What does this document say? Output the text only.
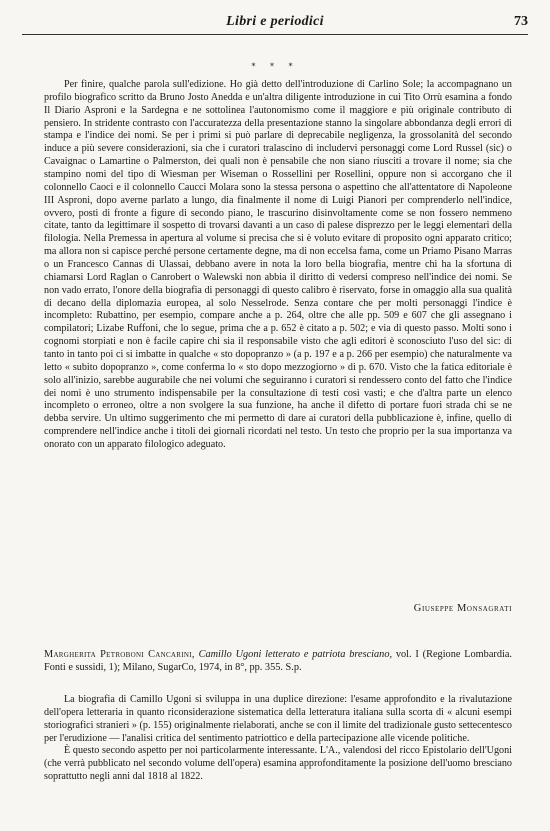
Libri e periodici	73
* * *

Per finire, qualche parola sull'edizione. Ho già detto dell'introduzione di Carlino Sole; la accompagnano un profilo biografico scritto da Bruno Josto Anedda e un'altra diligente introduzione in cui Tito Orrù esamina a fondo Il Diario Asproni e la Sardegna e ne sottolinea l'autonomismo come il maggiore e più originale contributo di pensiero. In stridente contrasto con l'accuratezza della presentazione stanno la singolare abbondanza degli errori di stampa e l'indice dei nomi. Se per i primi si può parlare di deprecabile negligenza, la grossolanità del secondo induce a più severe considerazioni, sia che i curatori tralascino di includervi personaggi come Lord Russel (sic) o Cavaignac o Lamartine o Palmerston, dei quali non è pensabile che non siano riusciti a trovare il nome; sia che stampino nomi del tipo di Wiesman per Wiseman o Rossellini per Rosellini, oppure non si accorgano che il colonnello Caoci e il colonnello Caucci Molara sono la stessa persona o aspettino che all'attentatore di Napoleone III Asproni, dopo averne parlato a lungo, dia finalmente il nome di Luigi Pianori per comprenderlo nell'indice, ovvero, posti di fronte a figure di secondo piano, le trascurino disinvoltamente come se non fossero nemmeno citate, tanto da legittimare il sospetto di trovarsi davanti a un caso di palese disprezzo per le leggi elementari della filologia. Nella Premessa in apertura al volume si precisa che si è voluto evitare di proposito ogni apparato critico; ma allora non si capisce perché persone certamente degne, ma di non eccelsa fama, come un Priamo Pisano Marras o un Francesco Cannas di Ulassai, debbano avere in nota la loro bella biografia, mentre chi ha la sfortuna di chiamarsi Lord Raglan o Canrobert o Walewski non abbia il diritto di vedersi compreso nell'indice dei nomi. Se non vado errato, l'onore della biografia di personaggi di questo calibro è riservato, forse in omaggio alla sua qualità di decano della diplomazia europea, al solo Nesselrode. Senza contare che per molti personaggi l'indice è incompleto: Rubattino, per esempio, compare anche a p. 264, oltre che alle pp. 509 e 607 che gli assegnano i compilatori; Lizabe Ruffoni, che lo segue, prima che a p. 652 è citato a p. 502; e via di questo passo. Molti sono i cognomi storpiati e non è facile capire chi sia il responsabile visto che agli editori è sconosciuto l'uso del sic: di tanto in tanto poi ci si imbatte in qualche « sto dopopranzo » (a p. 197 e a p. 266 per esempio) che naturalmente va letto « subito dopopranzo », come conferma lo « sto dopo mezzogiorno » di p. 670. Visto che la fatica editoriale è solo all'inizio, sarebbe augurabile che nei volumi che seguiranno i curatori si rendessero conto del fatto che l'indice dei nomi è uno strumento indispensabile per la consultazione di testi così vasti; e che d'altra parte un elenco incompleto o erroneo, oltre a non svolgere la sua funzione, ha anche il difetto di portare fuori strada chi se ne debba servire. Un ultimo suggerimento che mi permetto di dare ai curatori della pubblicazione è, infine, quello di comprendere nell'indice anche i titoli dei giornali ricordati nel testo. Un testo che proprio per la sua importanza va onorato con un apparato filologico adeguato.

Giuseppe Monsagrati
Margherita Petroboni Cancarini, Camillo Ugoni letterato e patriota bresciano, vol. I (Regione Lombardia. Fonti e sussidi, 1); Milano, SugarCo, 1974, in 8°, pp. 355. S.p.

La biografia di Camillo Ugoni si sviluppa in una duplice direzione: l'esame approfondito e la rivalutazione dell'opera letteraria in quanto riconsiderazione sistematica della letteratura italiana sulla scorta di « alcuni esempi storiografici stranieri » (p. 155) originalmente rielaborati, anche se con il limite del tradizionale gusto settecentesco per l'erudizione — l'analisi critica del sentimento patriottico e della partecipazione alle vicende politiche.

È questo secondo aspetto per noi particolarmente interessante. L'A., valendosi del ricco Epistolario dell'Ugoni (che verrà pubblicato nel secondo volume dell'opera) esamina approfonditamente la posizione dell'uomo bresciano soprattutto negli anni dal 1818 al 1822.
